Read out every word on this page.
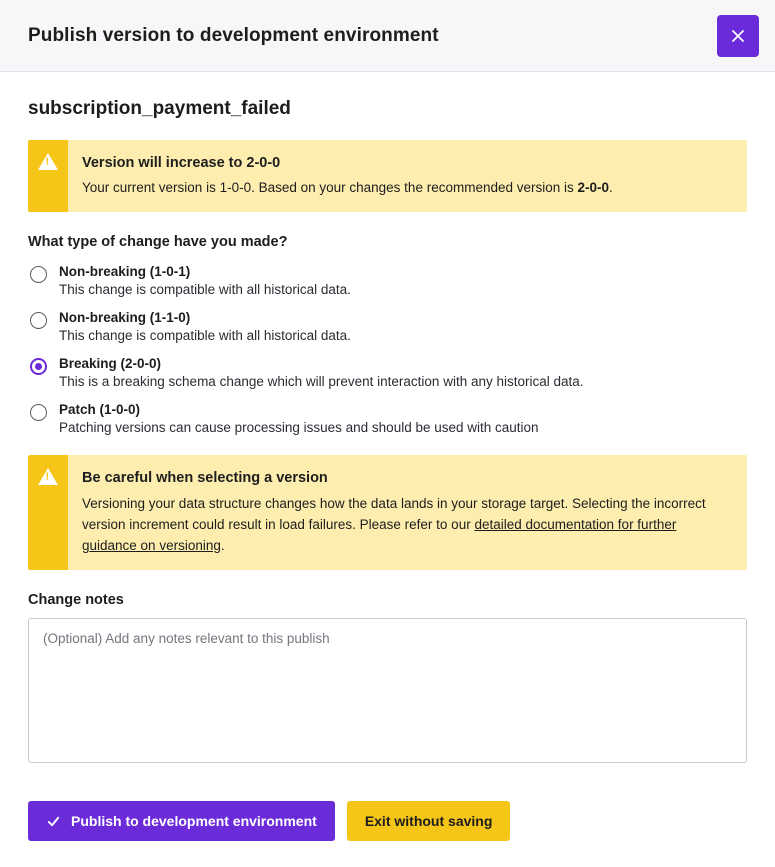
Publish version to development environment
subscription_payment_failed
!
Version will increase to 2-0-0
Your current version is 1-0-0. Based on your changes the recommended version is 2-0-0.
What type of change have you made?
Non-breaking (1-0-1)
This change is compatible with all historical data.
Non-breaking (1-1-0)
This change is compatible with all historical data.
Breaking (2-0-0)
This is a breaking schema change which will prevent interaction with any historical data.
Patch (1-0-0)
Patching versions can cause processing issues and should be used with caution
!
Be careful when selecting a version
Versioning your data structure changes how the data lands in your storage target. Selecting the incorrect version increment could result in load failures. Please refer to our detailed documentation for further guidance on versioning.
Change notes
(Optional) Add any notes relevant to this publish
Publish to development environment	Exit without saving
